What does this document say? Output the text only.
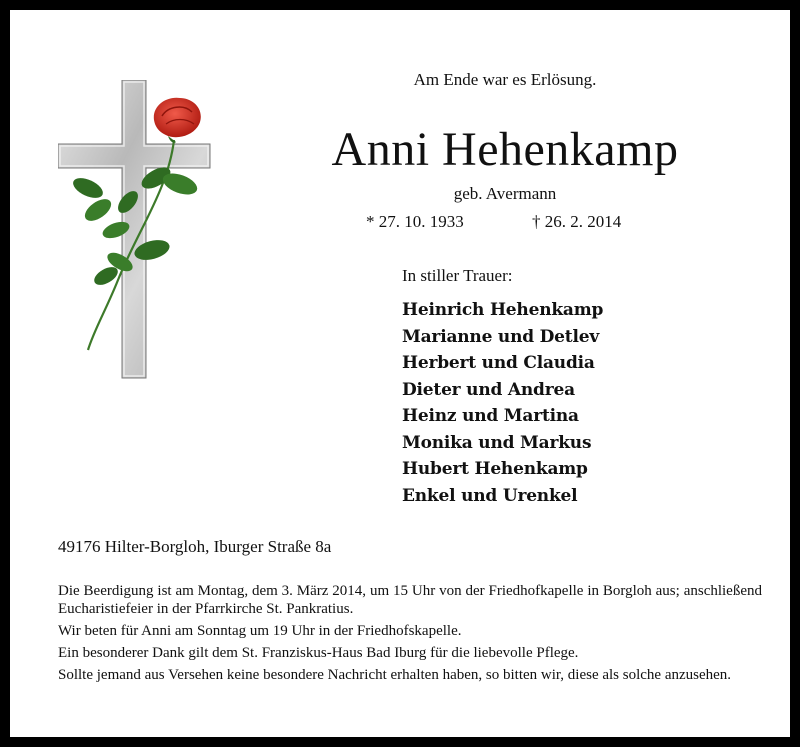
Am Ende war es Erlösung.
Anni Hehenkamp
geb. Avermann
* 27. 10. 1933	† 26. 2. 2014
In stiller Trauer:
Heinrich Hehenkamp
Marianne und Detlev
Herbert und Claudia
Dieter und Andrea
Heinz und Martina
Monika und Markus
Hubert Hehenkamp
Enkel und Urenkel
49176 Hilter-Borgloh, Iburger Straße 8a

Die Beerdigung ist am Montag, dem 3. März 2014, um 15 Uhr von der Friedhofkapelle in Borgloh aus; anschließend Eucharistiefeier in der Pfarrkirche St. Pankratius.

Wir beten für Anni am Sonntag um 19 Uhr in der Friedhofskapelle.

Ein besonderer Dank gilt dem St. Franziskus-Haus Bad Iburg für die liebevolle Pflege.

Sollte jemand aus Versehen keine besondere Nachricht erhalten haben, so bitten wir, diese als solche anzusehen.
